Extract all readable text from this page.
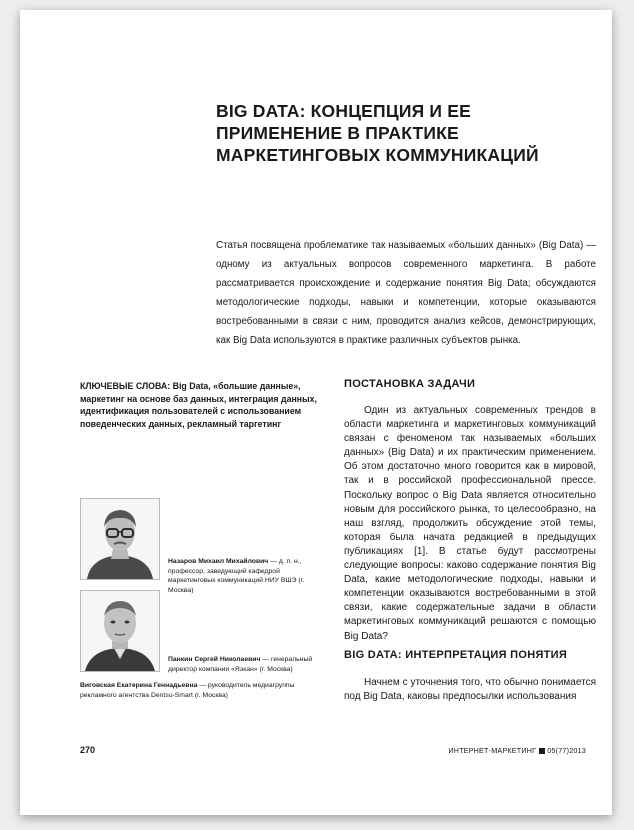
BIG DATA: КОНЦЕПЦИЯ И ЕЕ ПРИМЕНЕНИЕ В ПРАКТИКЕ МАРКЕТИНГОВЫХ КОММУНИКАЦИЙ

Статья посвящена проблематике так называемых «больших данных» (Big Data) — одному из актуальных вопросов современного маркетинга. В работе рассматривается происхождение и содержание понятия Big Data; обсуждаются методологические подходы, навыки и компетенции, которые оказываются востребованными в связи с ним, проводится анализ кейсов, демонстрирующих, как Big Data используются в практике различных субъектов рынка.

КЛЮЧЕВЫЕ СЛОВА: Big Data, «большие данные», маркетинг на основе баз данных, интеграция данных, идентификация пользователей с использованием поведенческих данных, рекламный таргетинг

Назаров Михаил Михайлович — д. п. н., профессор, заведующий кафедрой маркетинговых коммуникаций НИУ ВШЭ (г. Москва)

Панкин Сергей Николаевич — генеральный директор компании «Яэкан» (г. Москва)

Виговская Екатерина Геннадьевна — руководитель медиагруппы рекламного агентства Dentsu-Smart (г. Москва)

ПОСТАНОВКА ЗАДАЧИ

Один из актуальных современных трендов в области маркетинга и маркетинговых коммуникаций связан с феноменом так называемых «больших данных» (Big Data) и их практическим применением. Об этом достаточно много говорится как в мировой, так и в российской профессиональной прессе. Поскольку вопрос о Big Data является относительно новым для российского рынка, то целесообразно, на наш взгляд, продолжить обсуждение этой темы, которая была начата редакцией в предыдущих публикациях [1]. В статье будут рассмотрены следующие вопросы: каково содержание понятия Big Data, какие методологические подходы, навыки и компетенции оказываются востребованными в этой связи, какие содержательные задачи в области маркетинговых коммуникаций решаются с помощью Big Data?

BIG DATA: ИНТЕРПРЕТАЦИЯ ПОНЯТИЯ

Начнем с уточнения того, что обычно понимается под Big Data, каковы предпосылки использования

270	ИНТЕРНЕТ-МАРКЕТИНГ 05(77)2013
